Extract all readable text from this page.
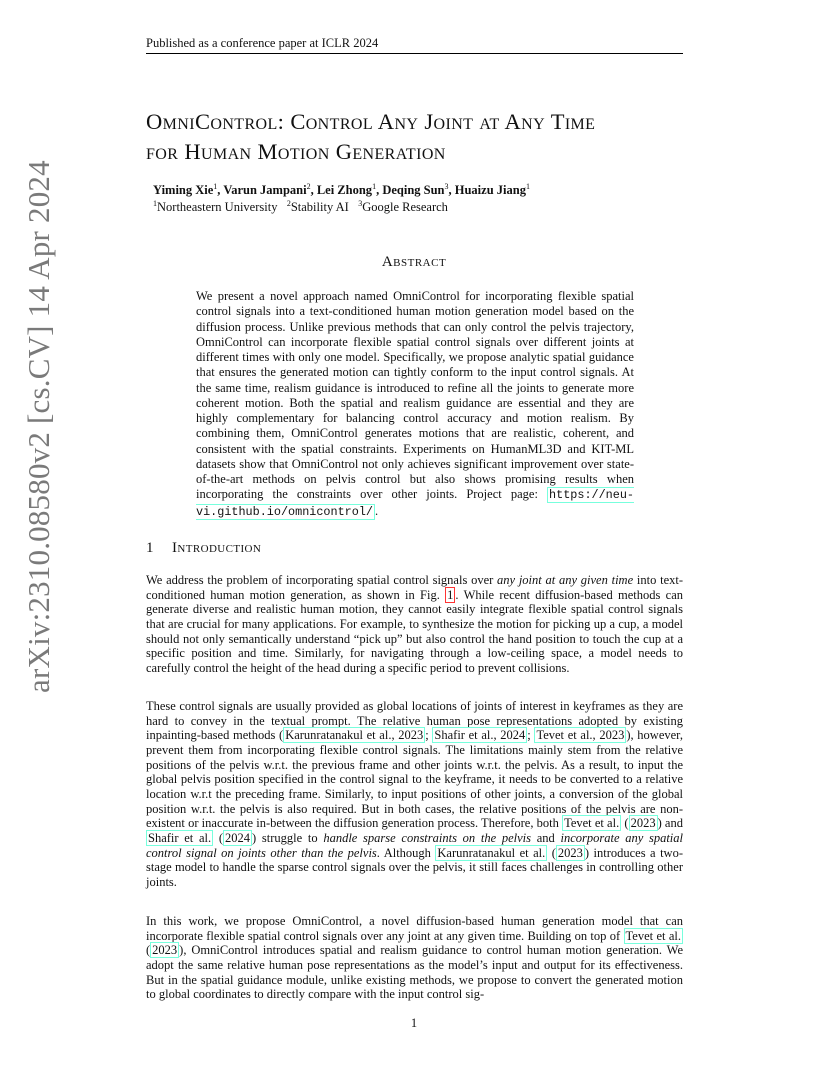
Published as a conference paper at ICLR 2024
arXiv:2310.08580v2 [cs.CV] 14 Apr 2024
OmniControl: Control Any Joint at Any Time
for Human Motion Generation
Yiming Xie$^1$, Varun Jampani$^2$, Lei Zhong$^1$, Deqing Sun$^3$, Huaizu Jiang$^1$
$^1$Northeastern University $^2$Stability AI $^3$Google Research
Abstract
We present a novel approach named OmniControl for incorporating flexible spatial control signals into a text-conditioned human motion generation model based on the diffusion process. Unlike previous methods that can only control the pelvis trajectory, OmniControl can incorporate flexible spatial control signals over different joints at different times with only one model. Specifically, we propose analytic spatial guidance that ensures the generated motion can tightly conform to the input control signals. At the same time, realism guidance is introduced to refine all the joints to generate more coherent motion. Both the spatial and realism guidance are essential and they are highly complementary for balancing control accuracy and motion realism. By combining them, OmniControl generates motions that are realistic, coherent, and consistent with the spatial constraints. Experiments on HumanML3D and KIT-ML datasets show that OmniControl not only achieves significant improvement over state-of-the-art methods on pelvis control but also shows promising results when incorporating the constraints over other joints. Project page: https://neu-vi.github.io/omnicontrol/ .
1 Introduction

We address the problem of incorporating spatial control signals over any joint at any given time into text-conditioned human motion generation, as shown in Fig. 1 . While recent diffusion-based methods can generate diverse and realistic human motion, they cannot easily integrate flexible spatial control signals that are crucial for many applications. For example, to synthesize the motion for picking up a cup, a model should not only semantically understand “pick up” but also control the hand position to touch the cup at a specific position and time. Similarly, for navigating through a low-ceiling space, a model needs to carefully control the height of the head during a specific period to prevent collisions.

These control signals are usually provided as global locations of joints of interest in keyframes as they are hard to convey in the textual prompt. The relative human pose representations adopted by existing inpainting-based methods ( Karunratanakul et al., 2023 ; Shafir et al., 2024 ; Tevet et al., 2023 ), however, prevent them from incorporating flexible control signals. The limitations mainly stem from the relative positions of the pelvis w.r.t. the previous frame and other joints w.r.t. the pelvis. As a result, to input the global pelvis position specified in the control signal to the keyframe, it needs to be converted to a relative location w.r.t the preceding frame. Similarly, to input positions of other joints, a conversion of the global position w.r.t. the pelvis is also required. But in both cases, the relative positions of the pelvis are non-existent or inaccurate in-between the diffusion generation process. Therefore, both Tevet et al. ( 2023 ) and Shafir et al. ( 2024 ) struggle to handle sparse constraints on the pelvis and incorporate any spatial control signal on joints other than the pelvis. Although Karunratanakul et al. ( 2023 ) introduces a two-stage model to handle the sparse control signals over the pelvis, it still faces challenges in controlling other joints.

In this work, we propose OmniControl, a novel diffusion-based human generation model that can incorporate flexible spatial control signals over any joint at any given time. Building on top of Tevet et al. ( 2023 ), OmniControl introduces spatial and realism guidance to control human motion generation. We adopt the same relative human pose representations as the model’s input and output for its effectiveness. But in the spatial guidance module, unlike existing methods, we propose to convert the generated motion to global coordinates to directly compare with the input control sig-

1
